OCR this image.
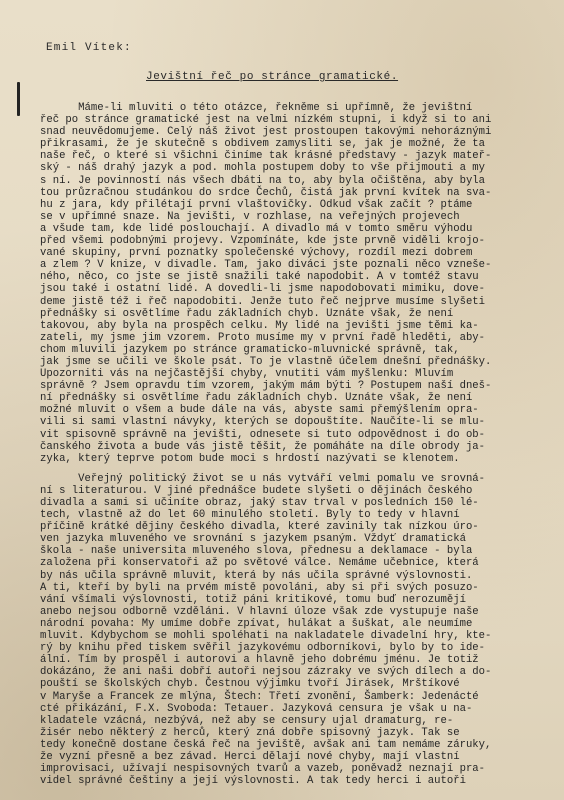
Emil Vítek:
Jevištní řeč po stránce gramatické.
Máme-li mluviti o této otázce, řekněme si upřímně, že jevištní
řeč po stránce gramatické jest na velmi nízkém stupni, i když si to ani
snad neuvědomujeme. Celý náš život jest prostoupen takovými nehoráznými
přikrasami, že je skutečně s obdivem zamysliti se, jak je možné, že ta
naše řeč, o které si všichni činíme tak krásné představy - jazyk mateř-
ský - náš drahý jazyk a pod. mohla postupem doby to vše přijmouti a my
s ní. Je povinností nás všech dbáti na to, aby byla očištěna, aby byla
tou průzračnou studánkou do srdce Čechů, čistá jak první kvítek na sva-
hu z jara, kdy přilétají první vlaštovičky. Odkud však začít ? ptáme
se v upřímné snaze. Na jevišti, v rozhlase, na veřejných projevech
a všude tam, kde lidé poslouchají. A divadlo má v tomto směru výhodu
před všemi podobnými projevy. Vzpomínáte, kde jste prvně viděli krojo-
vané skupiny, první poznatky společenské výchovy, rozdíl mezi dobrem
a zlem ? V knize, v divadle. Tam, jako diváci jste poznali něco vzneše-
ného, něco, co jste se jistě snažili také napodobit. A v tomtéž stavu
jsou také i ostatní lidé. A dovedli-li jsme napodobovati mimiku, dove-
deme jistě též i řeč napodobiti. Jenže tuto řeč nejprve musíme slyšeti
přednášky si osvětlíme řadu základních chyb. Uznáte však, že není
takovou, aby byla na prospěch celku. My lidé na jevišti jsme těmi ka-
zateli, my jsme jim vzorem. Proto musíme my v první řadě hleděti, aby-
chom mluvili jazykem po stránce gramaticko-mluvnické správně, tak,
jak jsme se učili ve škole psát. To je vlastně účelem dnešní přednášky.
Upozorniti vás na nejčastější chyby, vnutiti vám myšlenku: Mluvím
správně ? Jsem opravdu tím vzorem, jakým mám býti ? Postupem naší dneš-
ní přednášky si osvětlíme řadu základních chyb. Uznáte však, že není
možné mluvit o všem a bude dále na vás, abyste sami přemýšlením opra-
vili si sami vlastní návyky, kterých se dopouštíte. Naučíte-li se mlu-
vit spisovně správně na jevišti, odnesete si tuto odpovědnost i do ob-
čanského života a bude vás jistě těšit, že pomáháte na díle obrody ja-
zyka, který teprve potom bude moci s hrdostí nazývati se klenotem.
Veřejný politický život se u nás vytváří velmi pomalu ve srovná-
ní s literaturou. V jiné přednášce budete slyšeti o dějinách českého
divadla a sami si učiníte obraz, jaký stav trval v posledních 150 lé-
tech, vlastně až do let 60 minulého století. Byly to tedy v hlavní
příčině krátké dějiny českého divadla, které zavinily tak nízkou úro-
ven jazyka mluveného ve srovnání s jazykem psaným. Vždyť dramatická
škola - naše universita mluveného slova, přednesu a deklamace - byla
založena při konservatoři až po světové válce. Nemáme učebnice, která
by nás učila správně mluvit, která by nás učila správné výslovnosti.
A ti, kteří by byli na prvém místě povoláni, aby si při svých posuzo-
vání všímali výslovnosti, totiž páni kritikové, tomu buď nerozumějí
anebo nejsou odborně vzděláni. V hlavní úloze však zde vystupuje naše
národní povaha: My umíme dobře zpívat, hulákat a šuškat, ale neumíme
mluvit. Kdybychom se mohli spoléhati na nakladatele divadelní hry, kte-
rý by knihu před tiskem svěřil jazykovému odborníkovi, bylo by to ide-
ální. Tím by prospěl i autorovi a hlavně jeho dobrému jménu. Je totiž
dokázáno, že ani naši dobří autoři nejsou zázraky ve svých dílech a do-
pouští se školských chyb. Čestnou výjimku tvoří Jirásek, Mrštíkové
v Maryše a Francek ze mlýna, Štech: Třetí zvonění, Šamberk: Jedenácté
cté přikázání, F.X. Svoboda: Tetauer. Jazyková censura je však u na-
kladatele vzácná, nezbývá, než aby se censury ujal dramaturg, re-
žisér nebo některý z herců, který zná dobře spisovný jazyk. Tak se
tedy konečně dostane česká řeč na jeviště, avšak ani tam nemáme záruky,
že vyzní přesně a bez závad. Herci dělají nové chyby, mají vlastní
improvisaci, užívají nespisovných tvarů a vazeb, poněvadž neznají pra-
videl správné češtiny a její výslovnosti. A tak tedy herci i autoři
